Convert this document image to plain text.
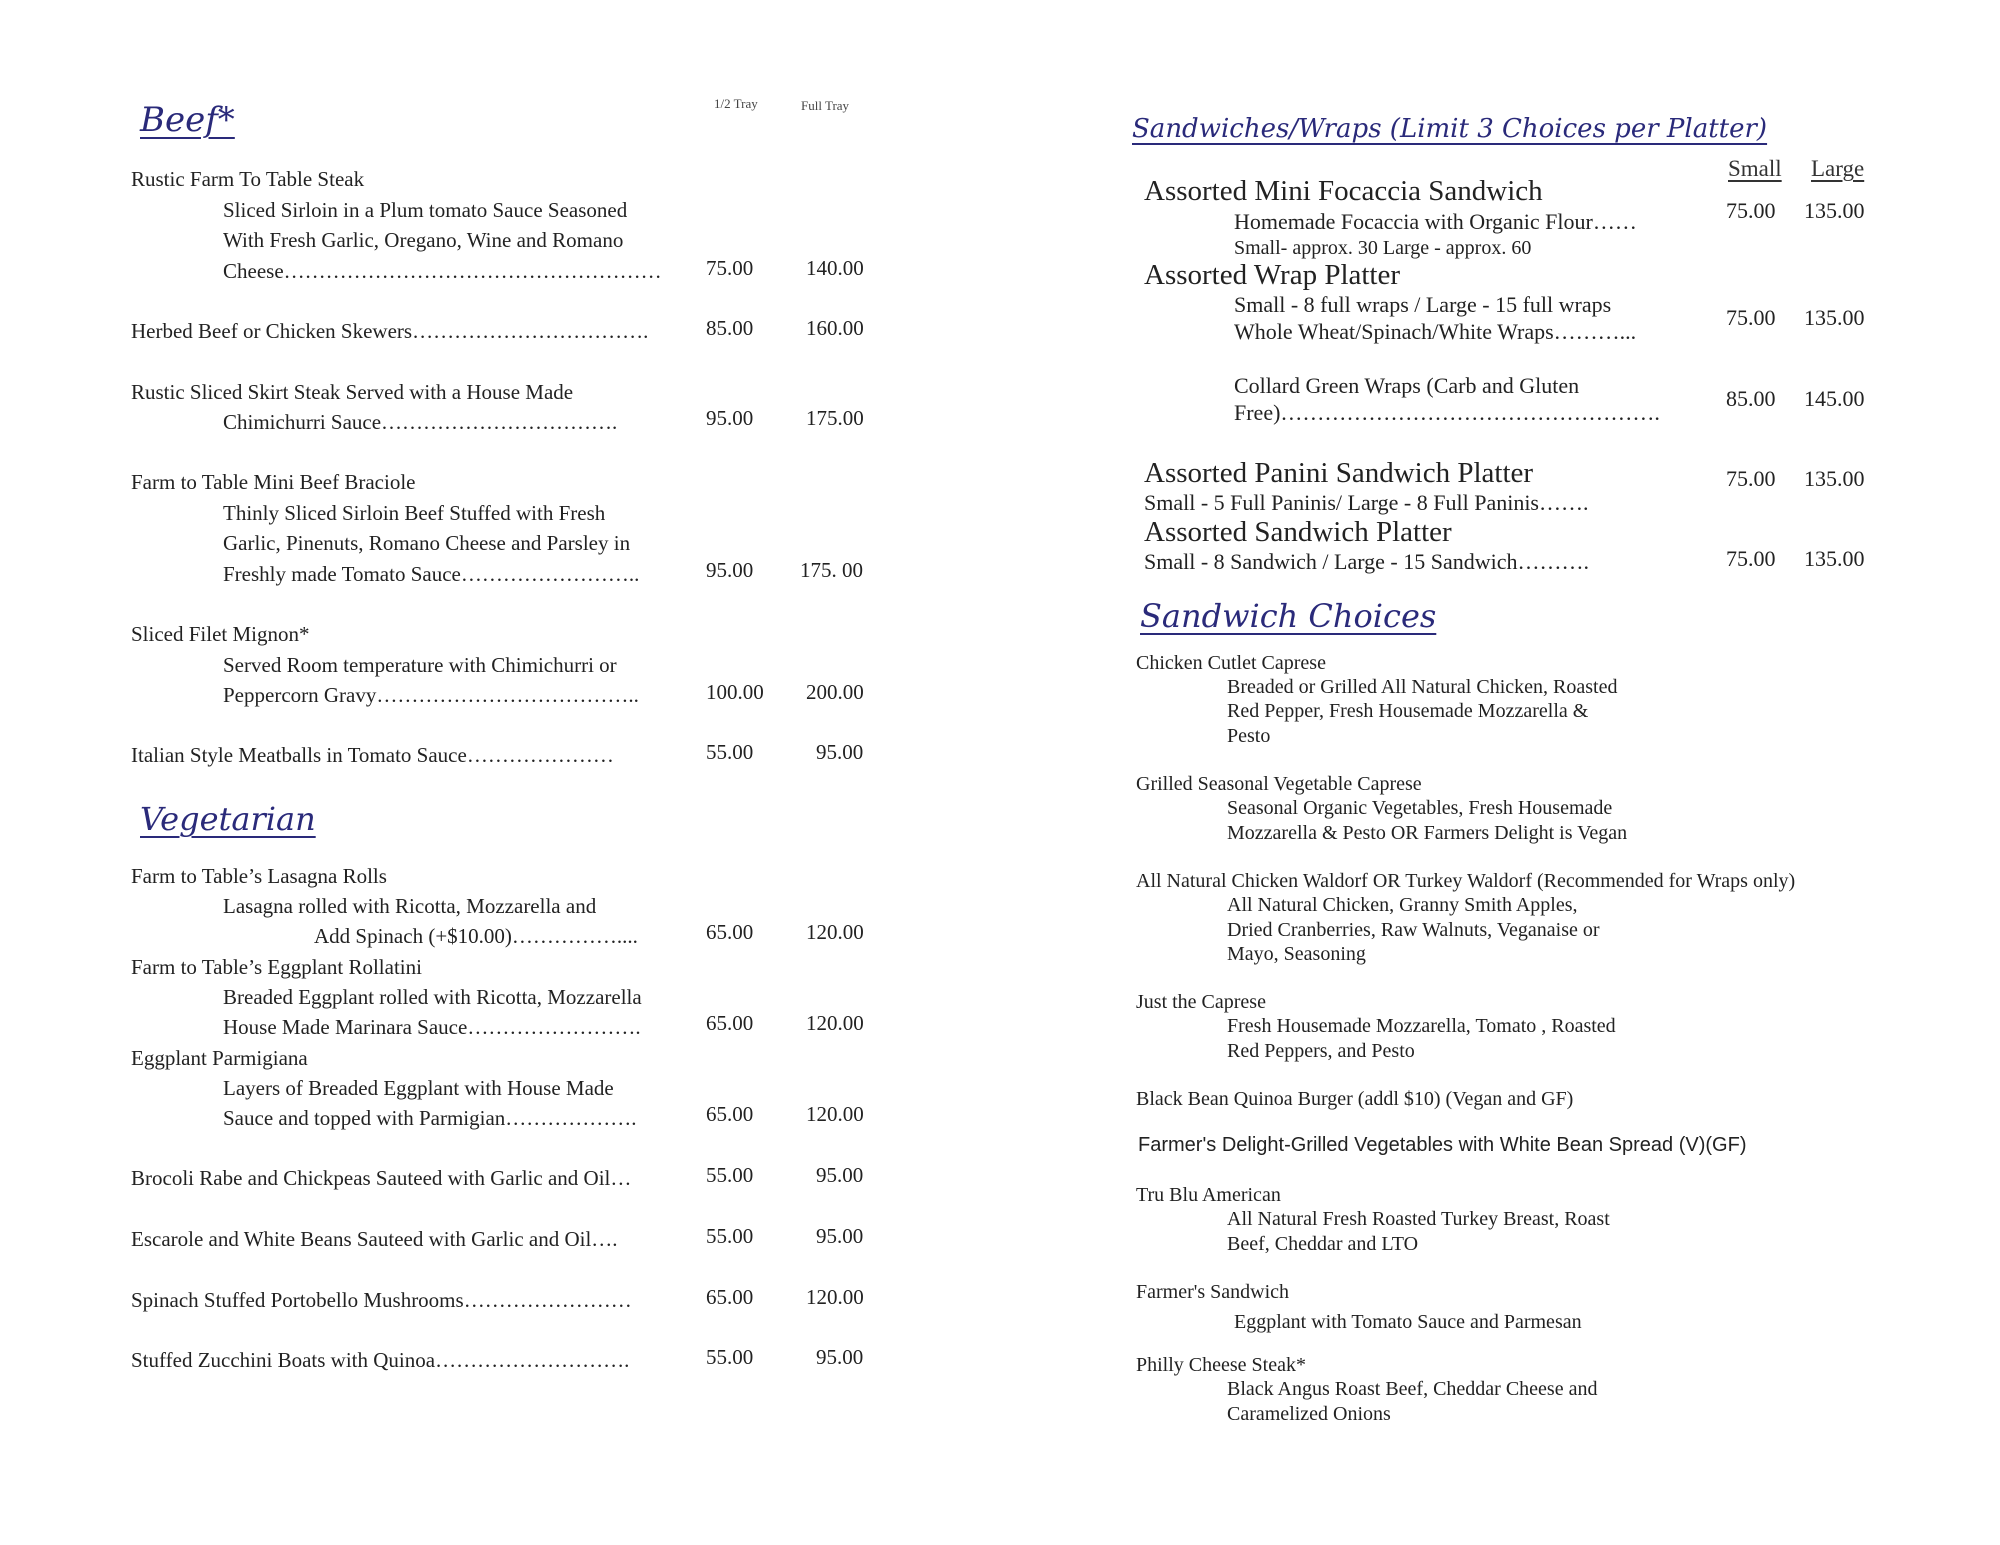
Beef*	1/2 Tray	Full Tray
Rustic Farm To Table Steak
Sliced Sirloin in a Plum tomato Sauce Seasoned
With Fresh Garlic, Oregano, Wine and Romano
Cheese……………………………………………… 75.00	140.00
Herbed Beef or Chicken Skewers…………………………….	85.00	160.00
Rustic Sliced Skirt Steak Served with a House Made
Chimichurri Sauce…………………………….	95.00	175.00
Farm to Table Mini Beef Braciole
Thinly Sliced Sirloin Beef Stuffed with Fresh
Garlic, Pinenuts, Romano Cheese and Parsley in
Freshly made Tomato Sauce……………………..	95.00 175. 00
Sliced Filet Mignon*
Served Room temperature with Chimichurri or
Peppercorn Gravy………………………………..	100.00 200.00
Italian Style Meatballs in Tomato Sauce…………………	55.00	95.00
Vegetarian
Farm to Table’s Lasagna Rolls
Lasagna rolled with Ricotta, Mozzarella and
Add Spinach (+$10.00)……………....	65.00	120.00
Farm to Table’s Eggplant Rollatini
Breaded Eggplant rolled with Ricotta, Mozzarella
House Made Marinara Sauce…………………….	65.00	120.00
Eggplant Parmigiana
Layers of Breaded Eggplant with House Made
Sauce and topped with Parmigian……………….	65.00	120.00
Brocoli Rabe and Chickpeas Sauteed with Garlic and Oil…	55.00	95.00
Escarole and White Beans Sauteed with Garlic and Oil….	55.00	95.00
Spinach Stuffed Portobello Mushrooms……………………	65.00	120.00
Stuffed Zucchini Boats with Quinoa……………………….	55.00	95.00
Sandwiches/Wraps (Limit 3 Choices per Platter)
Small Large
Assorted Mini Focaccia Sandwich
Homemade Focaccia with Organic Flour……
Small- approx. 30 Large - approx. 60
75.00 135.00
Assorted Wrap Platter
Small - 8 full wraps / Large - 15 full wraps
Whole Wheat/Spinach/White Wraps………...
75.00 135.00
Collard Green Wraps (Carb and Gluten
Free)…………………………………………….
85.00 145.00
Assorted Panini Sandwich Platter
Small - 5 Full Paninis/ Large - 8 Full Paninis…….
75.00 135.00
Assorted Sandwich Platter
Small - 8 Sandwich / Large - 15 Sandwich……….	75.00 135.00
Sandwich Choices
Chicken Cutlet Caprese
Breaded or Grilled All Natural Chicken, Roasted
Red Pepper, Fresh Housemade Mozzarella &
Pesto
Grilled Seasonal Vegetable Caprese
Seasonal Organic Vegetables, Fresh Housemade
Mozzarella & Pesto OR Farmers Delight is Vegan
All Natural Chicken Waldorf OR Turkey Waldorf (Recommended for Wraps only)
All Natural Chicken, Granny Smith Apples,
Dried Cranberries, Raw Walnuts, Veganaise or
Mayo, Seasoning
Just the Caprese
Fresh Housemade Mozzarella, Tomato , Roasted
Red Peppers, and Pesto
Black Bean Quinoa Burger (addl $10) (Vegan and GF)
Farmer's Delight-Grilled Vegetables with White Bean Spread (V)(GF)
Tru Blu American
All Natural Fresh Roasted Turkey Breast, Roast
Beef, Cheddar and LTO
Farmer's Sandwich
Eggplant with Tomato Sauce and Parmesan
Philly Cheese Steak*
Black Angus Roast Beef, Cheddar Cheese and
Caramelized Onions
